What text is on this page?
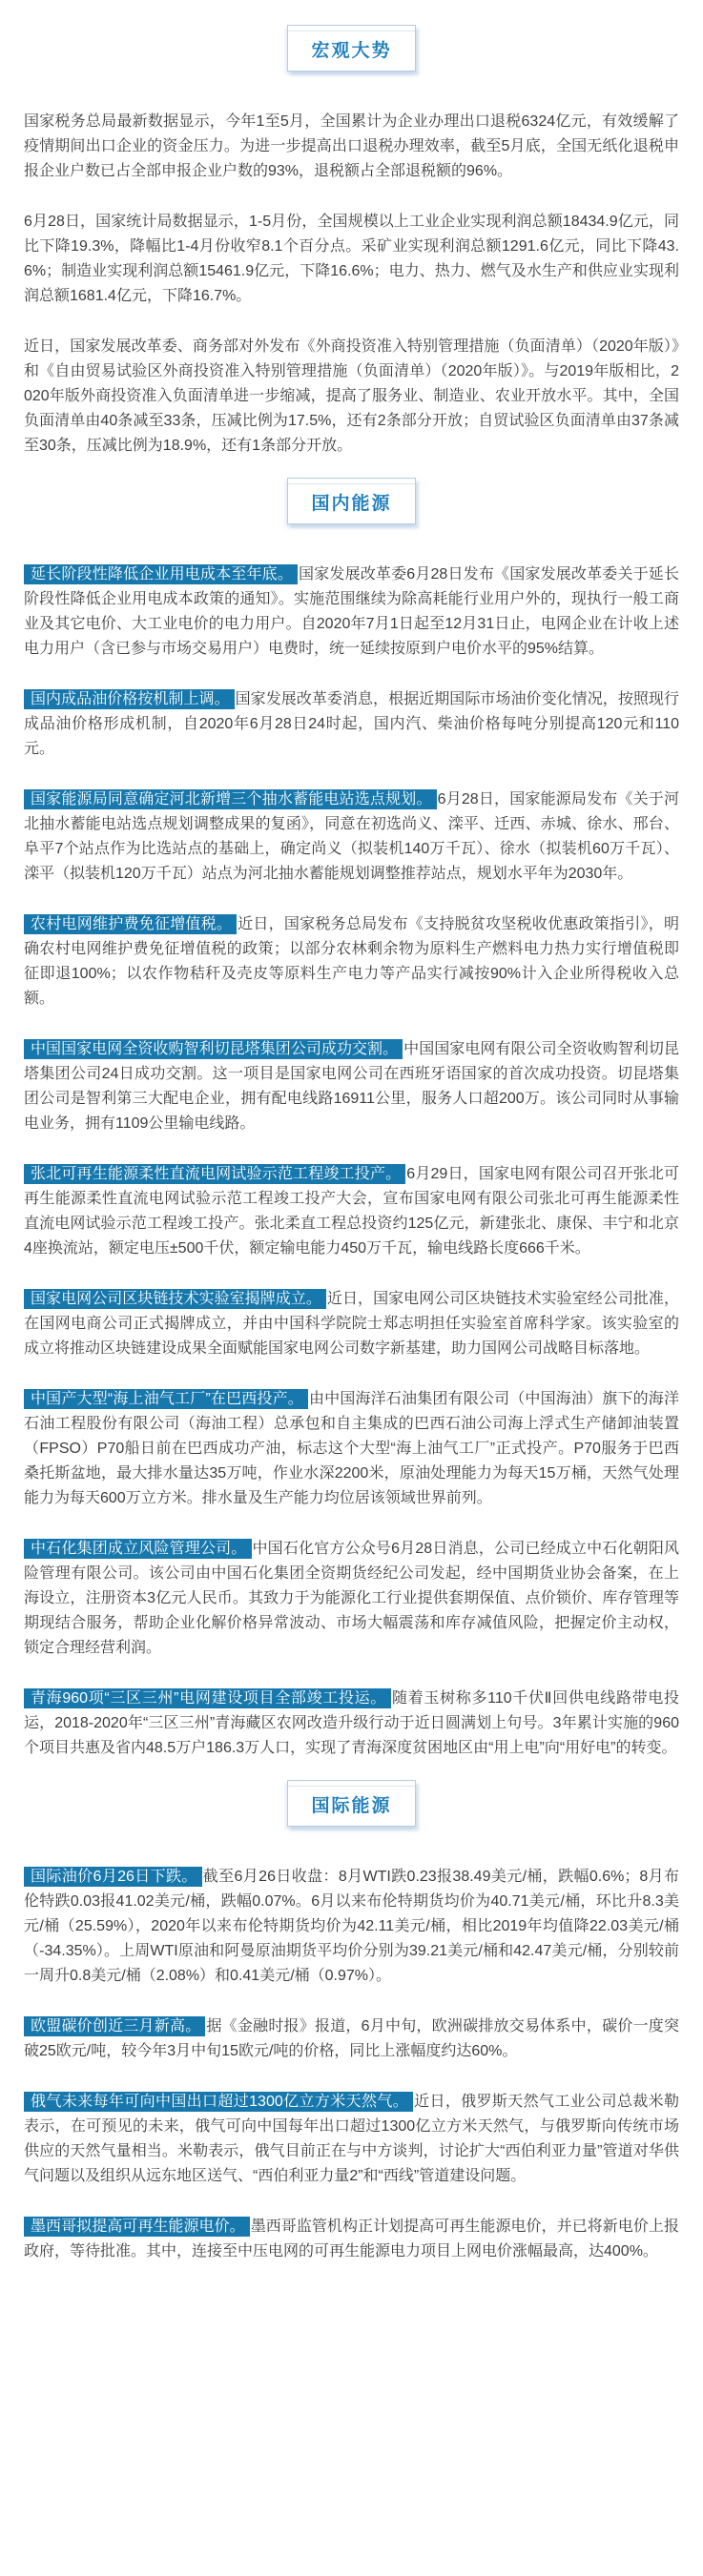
宏观大势

国家税务总局最新数据显示，今年1至5月，全国累计为企业办理出口退税6324亿元，有效缓解了疫情期间出口企业的资金压力。为进一步提高出口退税办理效率，截至5月底，全国无纸化退税申报企业户数已占全部申报企业户数的93%，退税额占全部退税额的96%。

6月28日，国家统计局数据显示，1-5月份，全国规模以上工业企业实现利润总额18434.9亿元，同比下降19.3%，降幅比1-4月份收窄8.1个百分点。采矿业实现利润总额1291.6亿元，同比下降43.6%；制造业实现利润总额15461.9亿元，下降16.6%；电力、热力、燃气及水生产和供应业实现利润总额1681.4亿元，下降16.7%。

近日，国家发展改革委、商务部对外发布《外商投资准入特别管理措施（负面清单）（2020年版）》和《自由贸易试验区外商投资准入特别管理措施（负面清单）（2020年版）》。与2019年版相比，2020年版外商投资准入负面清单进一步缩减，提高了服务业、制造业、农业开放水平。其中，全国负面清单由40条减至33条，压减比例为17.5%，还有2条部分开放；自贸试验区负面清单由37条减至30条，压减比例为18.9%，还有1条部分开放。

国内能源

延长阶段性降低企业用电成本至年底。 国家发展改革委6月28日发布《国家发展改革委关于延长阶段性降低企业用电成本政策的通知》。实施范围继续为除高耗能行业用户外的，现执行一般工商业及其它电价、大工业电价的电力用户。自2020年7月1日起至12月31日止，电网企业在计收上述电力用户（含已参与市场交易用户）电费时，统一延续按原到户电价水平的95%结算。

国内成品油价格按机制上调。 国家发展改革委消息，根据近期国际市场油价变化情况，按照现行成品油价格形成机制，自2020年6月28日24时起，国内汽、柴油价格每吨分别提高120元和110元。

国家能源局同意确定河北新增三个抽水蓄能电站选点规划。 6月28日，国家能源局发布《关于河北抽水蓄能电站选点规划调整成果的复函》，同意在初选尚义、滦平、迁西、赤城、徐水、邢台、阜平7个站点作为比选站点的基础上，确定尚义（拟装机140万千瓦）、徐水（拟装机60万千瓦）、滦平（拟装机120万千瓦）站点为河北抽水蓄能规划调整推荐站点，规划水平年为2030年。

农村电网维护费免征增值税。 近日，国家税务总局发布《支持脱贫攻坚税收优惠政策指引》，明确农村电网维护费免征增值税的政策；以部分农林剩余物为原料生产燃料电力热力实行增值税即征即退100%；以农作物秸秆及壳皮等原料生产电力等产品实行减按90%计入企业所得税收入总额。

中国国家电网全资收购智利切昆塔集团公司成功交割。 中国国家电网有限公司全资收购智利切昆塔集团公司24日成功交割。这一项目是国家电网公司在西班牙语国家的首次成功投资。切昆塔集团公司是智利第三大配电企业，拥有配电线路16911公里，服务人口超200万。该公司同时从事输电业务，拥有1109公里输电线路。

张北可再生能源柔性直流电网试验示范工程竣工投产。 6月29日，国家电网有限公司召开张北可再生能源柔性直流电网试验示范工程竣工投产大会，宣布国家电网有限公司张北可再生能源柔性直流电网试验示范工程竣工投产。张北柔直工程总投资约125亿元，新建张北、康保、丰宁和北京4座换流站，额定电压±500千伏，额定输电能力450万千瓦，输电线路长度666千米。

国家电网公司区块链技术实验室揭牌成立。 近日，国家电网公司区块链技术实验室经公司批准，在国网电商公司正式揭牌成立，并由中国科学院院士郑志明担任实验室首席科学家。该实验室的成立将推动区块链建设成果全面赋能国家电网公司数字新基建，助力国网公司战略目标落地。

中国产大型“海上油气工厂”在巴西投产。 由中国海洋石油集团有限公司（中国海油）旗下的海洋石油工程股份有限公司（海油工程）总承包和自主集成的巴西石油公司海上浮式生产储卸油装置（FPSO）P70船日前在巴西成功产油，标志这个大型“海上油气工厂”正式投产。P70服务于巴西桑托斯盆地，最大排水量达35万吨，作业水深2200米，原油处理能力为每天15万桶，天然气处理能力为每天600万立方米。排水量及生产能力均位居该领域世界前列。

中石化集团成立风险管理公司。 中国石化官方公众号6月28日消息，公司已经成立中石化朝阳风险管理有限公司。该公司由中国石化集团全资期货经纪公司发起，经中国期货业协会备案，在上海设立，注册资本3亿元人民币。其致力于为能源化工行业提供套期保值、点价锁价、库存管理等期现结合服务，帮助企业化解价格异常波动、市场大幅震荡和库存减值风险，把握定价主动权，锁定合理经营利润。

青海960项“三区三州”电网建设项目全部竣工投运。 随着玉树称多110千伏Ⅱ回供电线路带电投运，2018-2020年“三区三州”青海藏区农网改造升级行动于近日圆满划上句号。3年累计实施的960个项目共惠及省内48.5万户186.3万人口，实现了青海深度贫困地区由“用上电”向“用好电”的转变。

国际能源

国际油价6月26日下跌。 截至6月26日收盘：8月WTI跌0.23报38.49美元/桶，跌幅0.6%；8月布伦特跌0.03报41.02美元/桶，跌幅0.07%。6月以来布伦特期货均价为40.71美元/桶，环比升8.3美元/桶（25.59%），2020年以来布伦特期货均价为42.11美元/桶，相比2019年均值降22.03美元/桶（-34.35%）。上周WTI原油和阿曼原油期货平均价分别为39.21美元/桶和42.47美元/桶，分别较前一周升0.8美元/桶（2.08%）和0.41美元/桶（0.97%）。

欧盟碳价创近三月新高。 据《金融时报》报道，6月中旬，欧洲碳排放交易体系中，碳价一度突破25欧元/吨，较今年3月中旬15欧元/吨的价格，同比上涨幅度约达60%。

俄气未来每年可向中国出口超过1300亿立方米天然气。 近日，俄罗斯天然气工业公司总裁米勒表示，在可预见的未来，俄气可向中国每年出口超过1300亿立方米天然气，与俄罗斯向传统市场供应的天然气量相当。米勒表示，俄气目前正在与中方谈判，讨论扩大“西伯利亚力量”管道对华供气问题以及组织从远东地区送气、“西伯利亚力量2”和“西线”管道建设问题。

墨西哥拟提高可再生能源电价。 墨西哥监管机构正计划提高可再生能源电价，并已将新电价上报政府，等待批准。其中，连接至中压电网的可再生能源电力项目上网电价涨幅最高，达400%。
